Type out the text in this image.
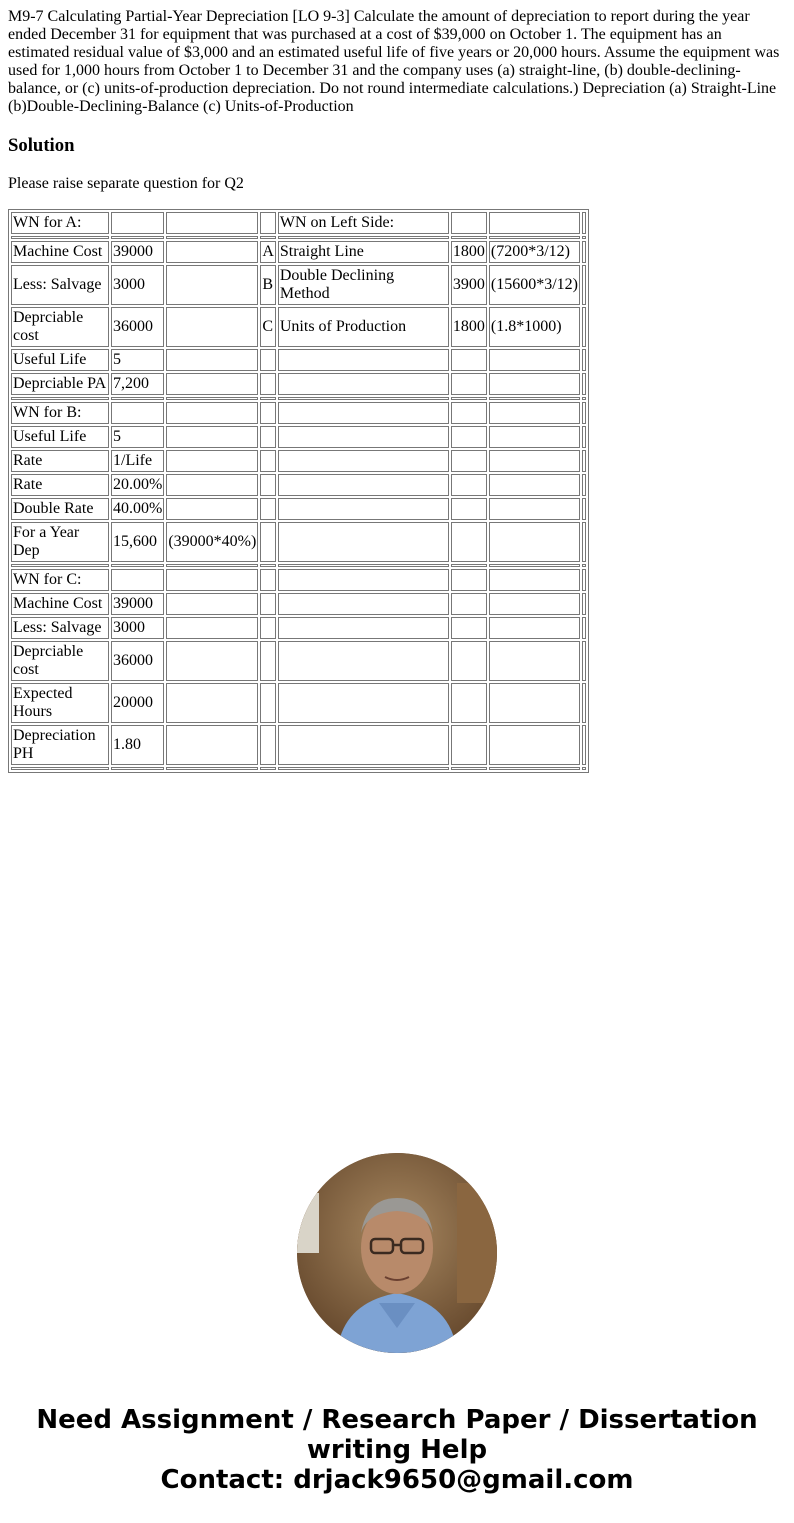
M9-7 Calculating Partial-Year Depreciation [LO 9-3] Calculate the amount of depreciation to report during the year ended December 31 for equipment that was purchased at a cost of $39,000 on October 1. The equipment has an estimated residual value of $3,000 and an estimated useful life of five years or 20,000 hours. Assume the equipment was used for 1,000 hours from October 1 to December 31 and the company uses (a) straight-line, (b) double-declining-balance, or (c) units-of-production depreciation. Do not round intermediate calculations.) Depreciation (a) Straight-Line (b)Double-Declining-Balance (c) Units-of-Production

Solution

Please raise separate question for Q2

WN for A:				WN on Left Side:			

Machine Cost	39000		A	Straight Line	1800	(7200*3/12)	
Less: Salvage	3000		B	Double Declining Method	3900	(15600*3/12)	
Deprciable cost	36000		C	Units of Production	1800	(1.8*1000)	
Useful Life	5						
Deprciable PA	7,200						

WN for B:							
Useful Life	5						
Rate	1/Life						
Rate	20.00%						
Double Rate	40.00%						
For a Year Dep	15,600	(39000*40%)					

WN for C:							
Machine Cost	39000						
Less: Salvage	3000						
Deprciable cost	36000						
Expected Hours	20000						
Depreciation PH	1.80						

Need Assignment / Research Paper / Dissertation
writing Help
Contact: drjack9650@gmail.com
